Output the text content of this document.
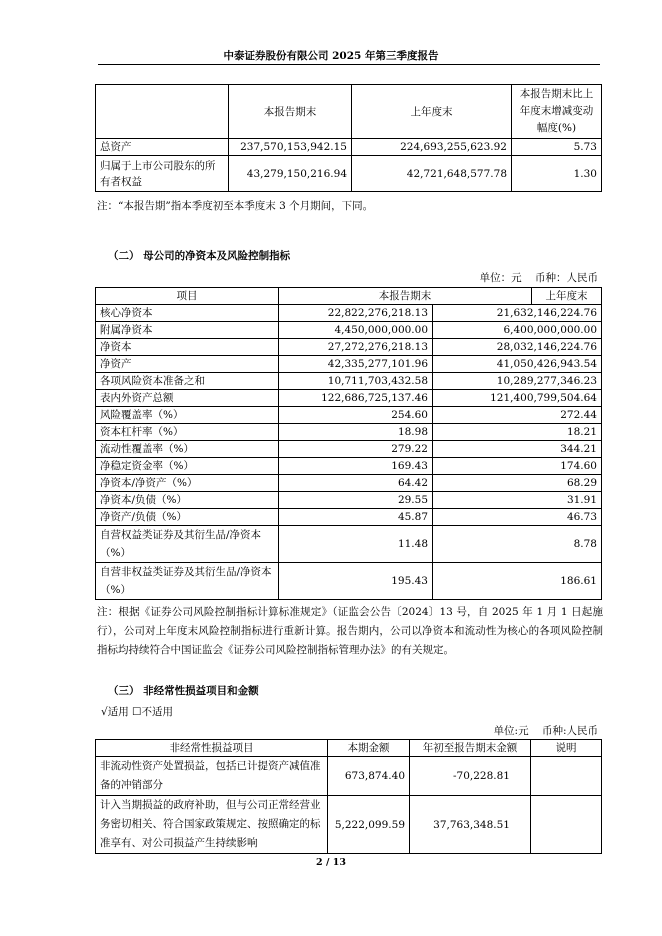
中泰证券股份有限公司 2025 年第三季度报告
	本报告期末	上年度末	本报告期末比上年度末增减变动幅度(%)
总资产	237,570,153,942.15	224,693,255,623.92	5.73
归属于上市公司股东的所有者权益	43,279,150,216.94	42,721,648,577.78	1.30
注：“本报告期”指本季度初至本季度末 3 个月期间，下同。
（二） 母公司的净资本及风险控制指标
单位：元    币种：人民币
项目	本报告期末	上年度末
核心净资本	22,822,276,218.13	21,632,146,224.76
附属净资本	4,450,000,000.00	6,400,000,000.00
净资本	27,272,276,218.13	28,032,146,224.76
净资产	42,335,277,101.96	41,050,426,943.54
各项风险资本准备之和	10,711,703,432.58	10,289,277,346.23
表内外资产总额	122,686,725,137.46	121,400,799,504.64
风险覆盖率（%）	254.60	272.44
资本杠杆率（%）	18.98	18.21
流动性覆盖率（%）	279.22	344.21
净稳定资金率（%）	169.43	174.60
净资本/净资产（%）	64.42	68.29
净资本/负债（%）	29.55	31.91
净资产/负债（%）	45.87	46.73
自营权益类证券及其衍生品/净资本（%）	11.48	8.78
自营非权益类证券及其衍生品/净资本（%）	195.43	186.61
注：根据《证券公司风险控制指标计算标准规定》（证监会公告〔2024〕13 号，自 2025 年 1 月 1 日起施行），公司对上年度末风险控制指标进行重新计算。报告期内，公司以净资本和流动性为核心的各项风险控制指标均持续符合中国证监会《证券公司风险控制指标管理办法》的有关规定。
（三） 非经常性损益项目和金额
√适用 ☐不适用
单位:元    币种:人民币
非经常性损益项目	本期金额	年初至报告期末金额	说明
非流动性资产处置损益，包括已计提资产减值准备的冲销部分	673,874.40	-70,228.81	
计入当期损益的政府补助，但与公司正常经营业务密切相关、符合国家政策规定、按照确定的标准享有、对公司损益产生持续影响	5,222,099.59	37,763,348.51	
2 / 13
